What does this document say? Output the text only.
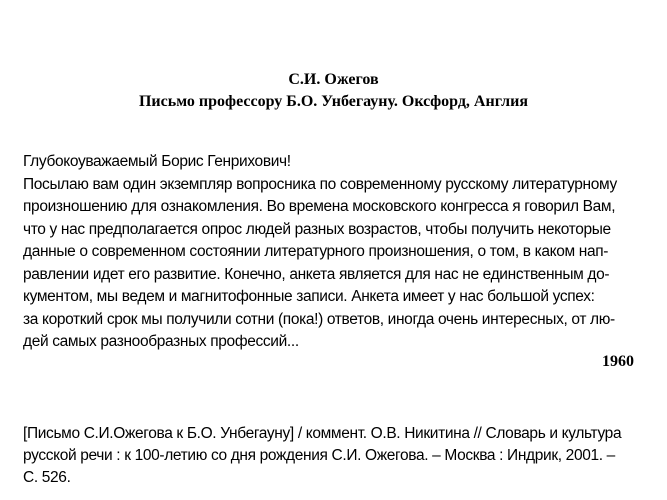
С.И. Ожегов
Письмо профессору Б.О. Унбегауну. Оксфорд, Англия
Глубокоуважаемый Борис Генрихович!
Посылаю вам один экземпляр вопросника по современному русскому литературному
произношению для ознакомления. Во времена московского конгресса я говорил Вам,
что у нас предполагается опрос людей разных возрастов, чтобы получить некоторые
данные о современном состоянии литературного произношения, о том, в каком нап-
равлении идет его развитие. Конечно, анкета является для нас не единственным до-
кументом, мы ведем и магнитофонные записи. Анкета имеет у нас большой успех:
за короткий срок мы получили сотни (пока!) ответов, иногда очень интересных, от лю-
дей самых разнообразных профессий...
1960
[Письмо С.И.Ожегова к Б.О. Унбегауну] / коммент. О.В. Никитина // Словарь и культура
русской речи : к 100-летию со дня рождения С.И. Ожегова. – Москва : Индрик, 2001. –
С. 526.
